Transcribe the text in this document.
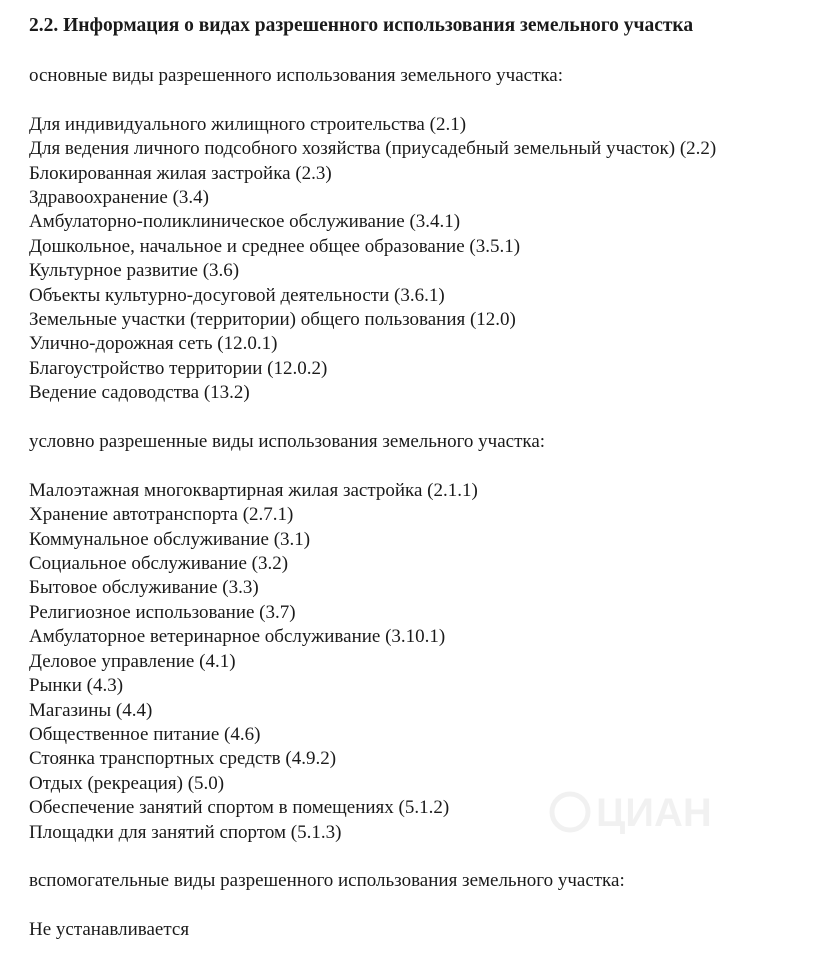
2.2. Информация о видах разрешенного использования земельного участка

основные виды разрешенного использования земельного участка:

Для индивидуального жилищного строительства (2.1)
Для ведения личного подсобного хозяйства (приусадебный земельный участок) (2.2)
Блокированная жилая застройка (2.3)
Здравоохранение (3.4)
Амбулаторно-поликлиническое обслуживание (3.4.1)
Дошкольное, начальное и среднее общее образование (3.5.1)
Культурное развитие (3.6)
Объекты культурно-досуговой деятельности (3.6.1)
Земельные участки (территории) общего пользования (12.0)
Улично-дорожная сеть (12.0.1)
Благоустройство территории (12.0.2)
Ведение садоводства (13.2)

условно разрешенные виды использования земельного участка:

Малоэтажная многоквартирная жилая застройка (2.1.1)
Хранение автотранспорта (2.7.1)
Коммунальное обслуживание (3.1)
Социальное обслуживание (3.2)
Бытовое обслуживание (3.3)
Религиозное использование (3.7)
Амбулаторное ветеринарное обслуживание (3.10.1)
Деловое управление (4.1)
Рынки (4.3)
Магазины (4.4)
Общественное питание (4.6)
Стоянка транспортных средств (4.9.2)
Отдых (рекреация) (5.0)
Обеспечение занятий спортом в помещениях (5.1.2)
Площадки для занятий спортом (5.1.3)

вспомогательные виды разрешенного использования земельного участка:

Не устанавливается

ЦИАН
